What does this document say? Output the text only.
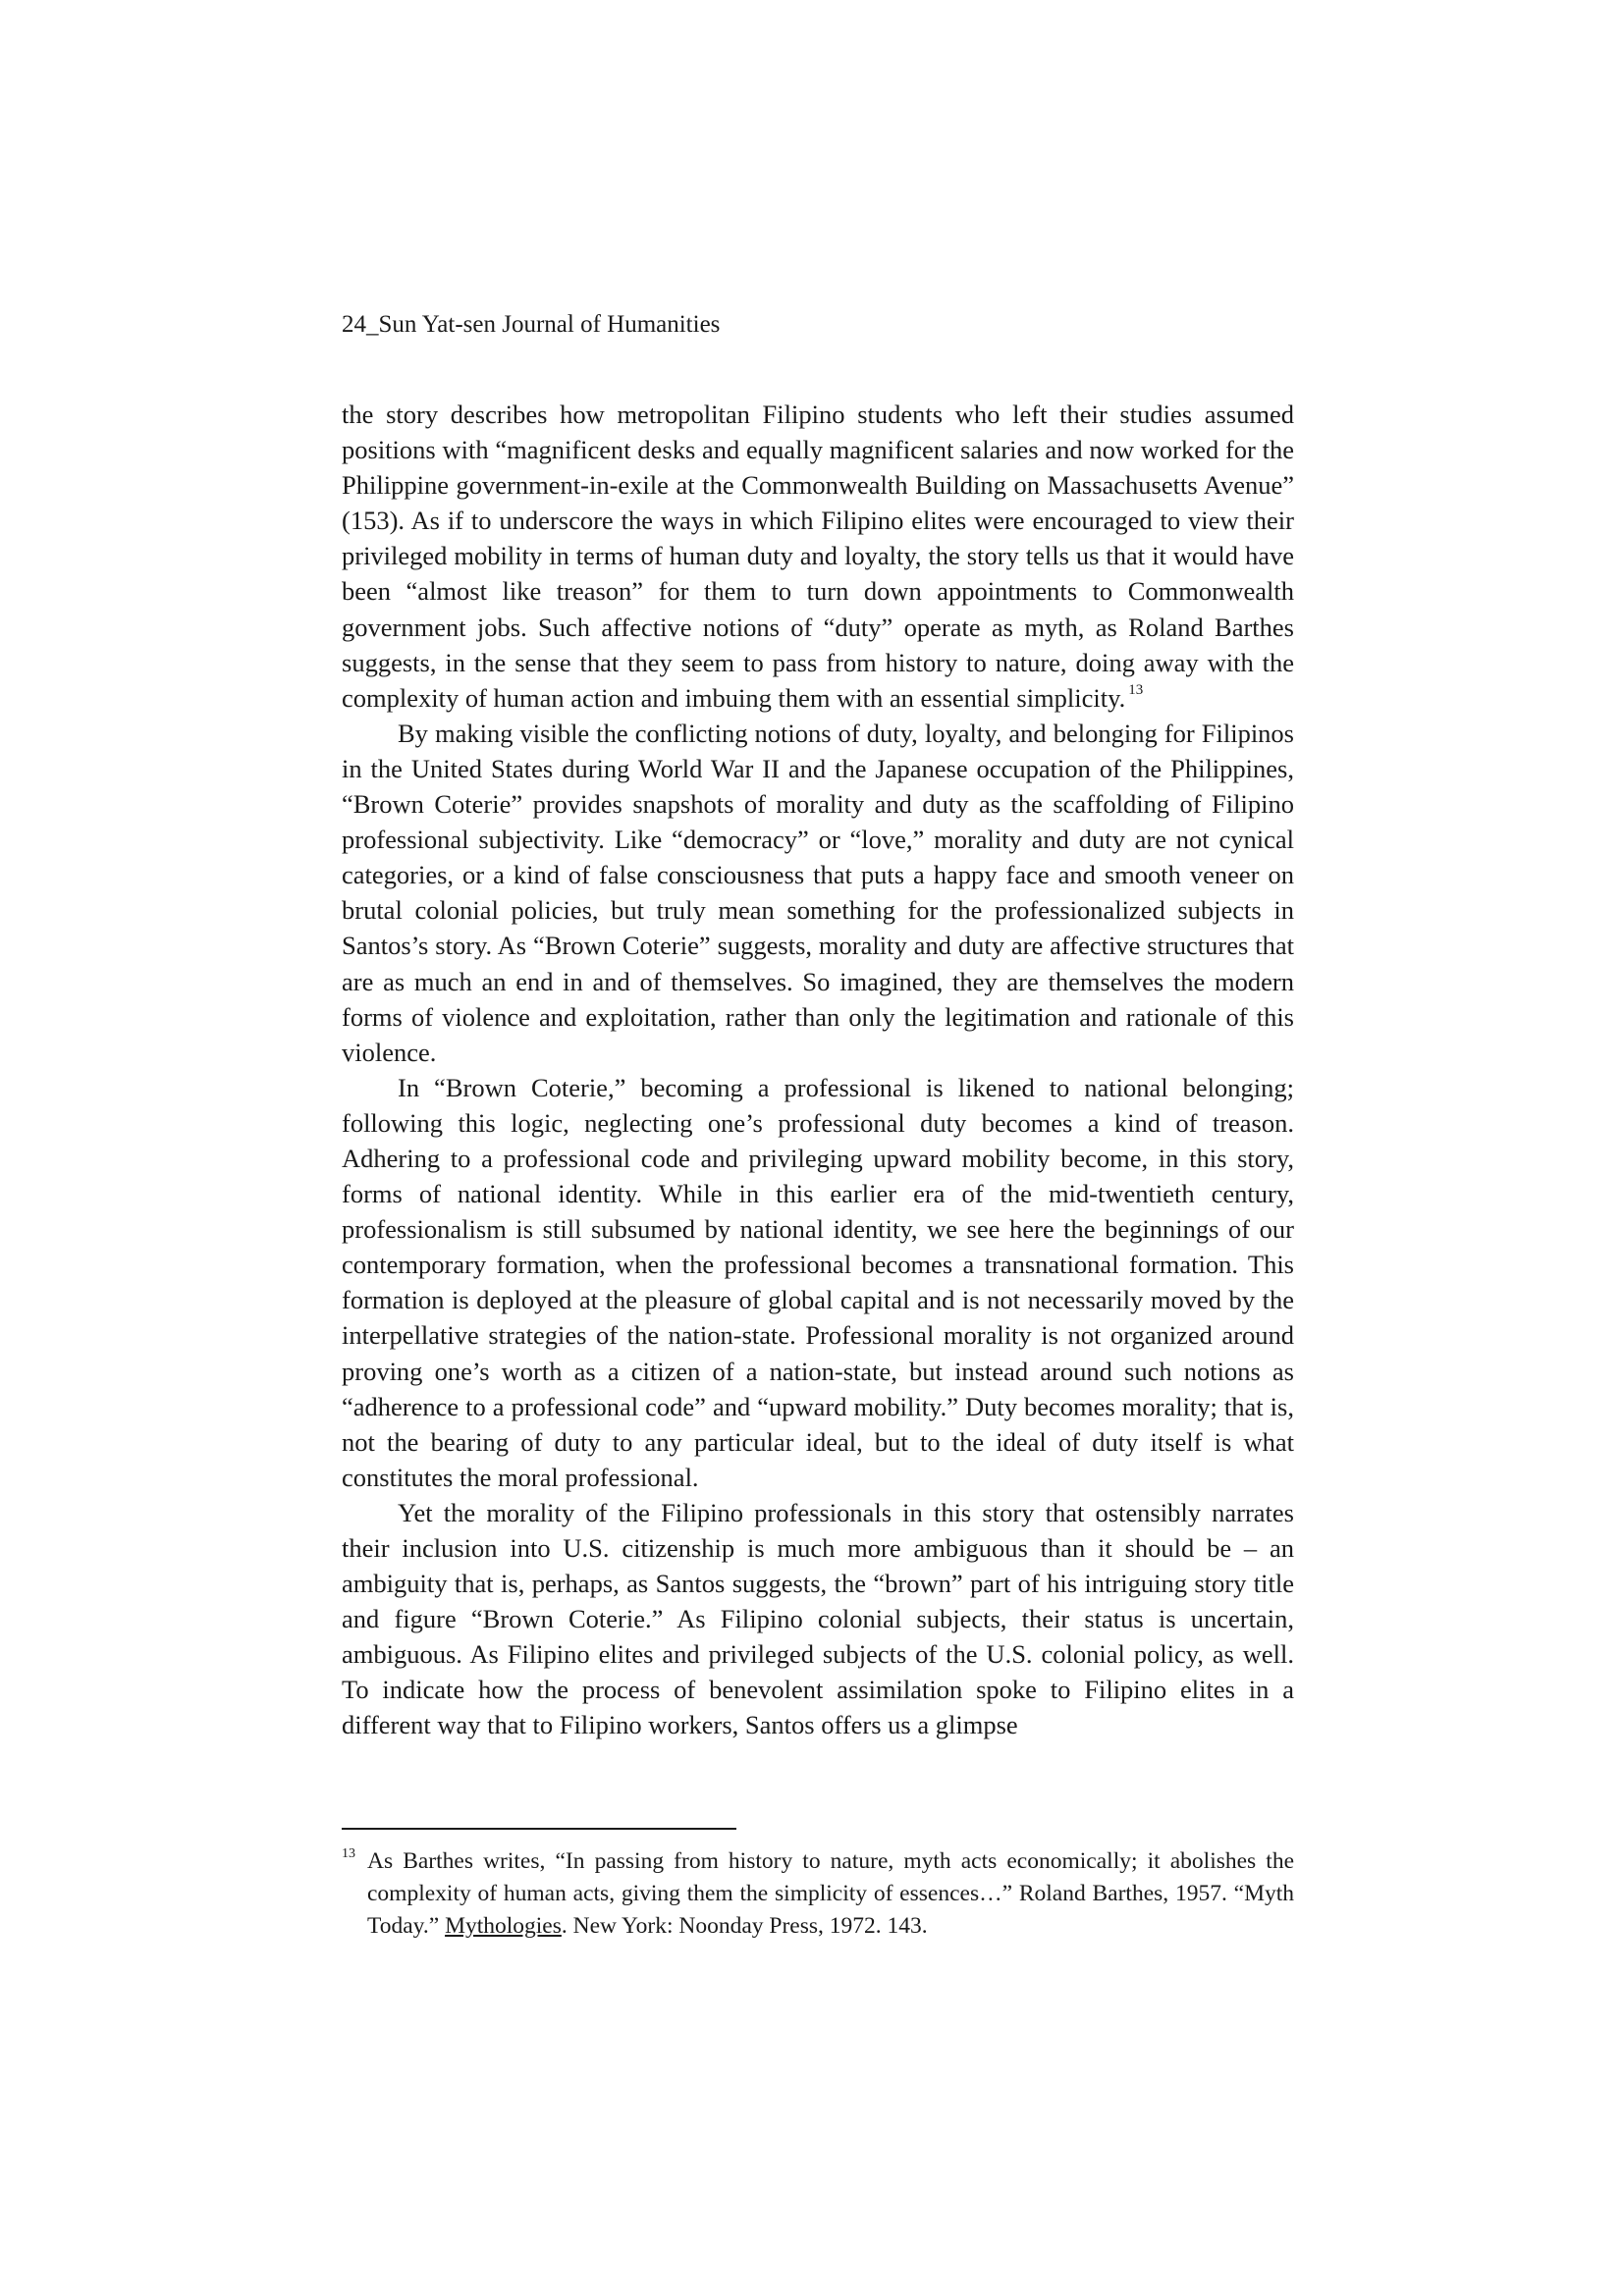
24_Sun Yat-sen Journal of Humanities

the story describes how metropolitan Filipino students who left their studies assumed positions with “magnificent desks and equally magnificent salaries and now worked for the Philippine government-in-exile at the Commonwealth Building on Massachusetts Avenue” (153). As if to underscore the ways in which Filipino elites were encouraged to view their privileged mobility in terms of human duty and loyalty, the story tells us that it would have been “almost like treason” for them to turn down appointments to Commonwealth government jobs. Such affective notions of “duty” operate as myth, as Roland Barthes suggests, in the sense that they seem to pass from history to nature, doing away with the complexity of human action and imbuing them with an essential simplicity. $^{13}$

By making visible the conflicting notions of duty, loyalty, and belonging for Filipinos in the United States during World War II and the Japanese occupation of the Philippines, “Brown Coterie” provides snapshots of morality and duty as the scaffolding of Filipino professional subjectivity. Like “democracy” or “love,” morality and duty are not cynical categories, or a kind of false consciousness that puts a happy face and smooth veneer on brutal colonial policies, but truly mean something for the professionalized subjects in Santos’s story. As “Brown Coterie” suggests, morality and duty are affective structures that are as much an end in and of themselves. So imagined, they are themselves the modern forms of violence and exploitation, rather than only the legitimation and rationale of this violence.

In “Brown Coterie,” becoming a professional is likened to national belonging; following this logic, neglecting one’s professional duty becomes a kind of treason. Adhering to a professional code and privileging upward mobility become, in this story, forms of national identity. While in this earlier era of the mid-twentieth century, professionalism is still subsumed by national identity, we see here the beginnings of our contemporary formation, when the professional becomes a transnational formation. This formation is deployed at the pleasure of global capital and is not necessarily moved by the interpellative strategies of the nation-state. Professional morality is not organized around proving one’s worth as a citizen of a nation-state, but instead around such notions as “adherence to a professional code” and “upward mobility.” Duty becomes morality; that is, not the bearing of duty to any particular ideal, but to the ideal of duty itself is what constitutes the moral professional.

Yet the morality of the Filipino professionals in this story that ostensibly narrates their inclusion into U.S. citizenship is much more ambiguous than it should be – an ambiguity that is, perhaps, as Santos suggests, the “brown” part of his intriguing story title and figure “Brown Coterie.” As Filipino colonial subjects, their status is uncertain, ambiguous. As Filipino elites and privileged subjects of the U.S. colonial policy, as well. To indicate how the process of benevolent assimilation spoke to Filipino elites in a different way that to Filipino workers, Santos offers us a glimpse

13 As Barthes writes, “In passing from history to nature, myth acts economically; it abolishes the complexity of human acts, giving them the simplicity of essences…” Roland Barthes, 1957. “Myth Today.” Mythologies. New York: Noonday Press, 1972. 143.
